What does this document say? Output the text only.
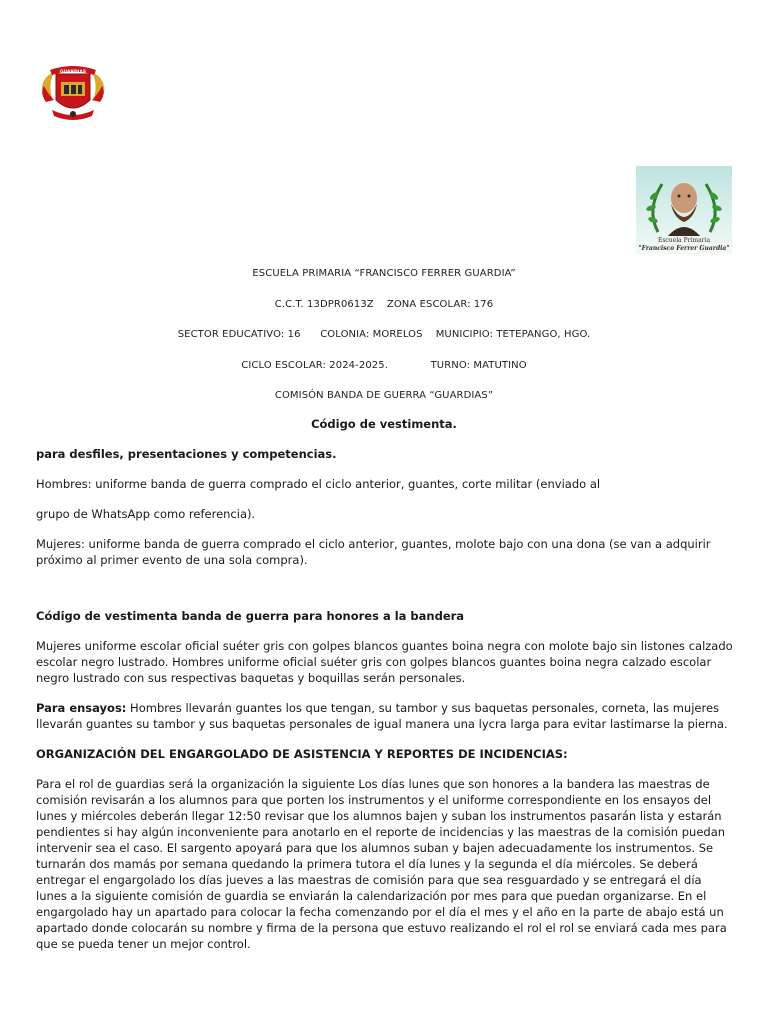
GUARDIAS
Escuela Primaria
"Francisco Ferrer Guardia"
ESCUELA PRIMARIA “FRANCISCO FERRER GUARDIA”
C.C.T. 13DPR0613Z    ZONA ESCOLAR: 176
SECTOR EDUCATIVO: 16      COLONIA: MORELOS    MUNICIPIO: TETEPANGO, HGO.
CICLO ESCOLAR: 2024-2025.             TURNO: MATUTINO
COMISÓN BANDA DE GUERRA “GUARDIAS”
Código de vestimenta.

para desfiles, presentaciones y competencias.

Hombres: uniforme banda de guerra comprado el ciclo anterior, guantes, corte militar (enviado al

grupo de WhatsApp como referencia).

Mujeres: uniforme banda de guerra comprado el ciclo anterior, guantes, molote bajo con una dona (se van a adquirir próximo al primer evento de una sola compra).

Código de vestimenta banda de guerra para honores a la bandera

Mujeres uniforme escolar oficial suéter gris con golpes blancos guantes boina negra con molote bajo sin listones calzado escolar negro lustrado. Hombres uniforme oficial suéter gris con golpes blancos guantes boina negra calzado escolar negro lustrado con sus respectivas baquetas y boquillas serán personales.

Para ensayos: Hombres llevarán guantes los que tengan, su tambor y sus baquetas personales, corneta, las mujeres llevarán guantes su tambor y sus baquetas personales de igual manera una lycra larga para evitar lastimarse la pierna.

ORGANIZACIÓN DEL ENGARGOLADO DE ASISTENCIA Y REPORTES DE INCIDENCIAS:

Para el rol de guardias será la organización la siguiente Los días lunes que son honores a la bandera las maestras de comisión revisarán a los alumnos para que porten los instrumentos y el uniforme correspondiente en los ensayos del lunes y miércoles deberán llegar 12:50 revisar que los alumnos bajen y suban los instrumentos pasarán lista y estarán pendientes si hay algún inconveniente para anotarlo en el reporte de incidencias y las maestras de la comisión puedan intervenir sea el caso. El sargento apoyará para que los alumnos suban y bajen adecuadamente los instrumentos. Se turnarán dos mamás por semana quedando la primera tutora el día lunes y la segunda el día miércoles. Se deberá entregar el engargolado los días jueves a las maestras de comisión para que sea resguardado y se entregará el día lunes a la siguiente comisión de guardia se enviarán la calendarización por mes para que puedan organizarse. En el engargolado hay un apartado para colocar la fecha comenzando por el día el mes y el año en la parte de abajo está un apartado donde colocarán su nombre y firma de la persona que estuvo realizando el rol el rol se enviará cada mes para que se pueda tener un mejor control.
